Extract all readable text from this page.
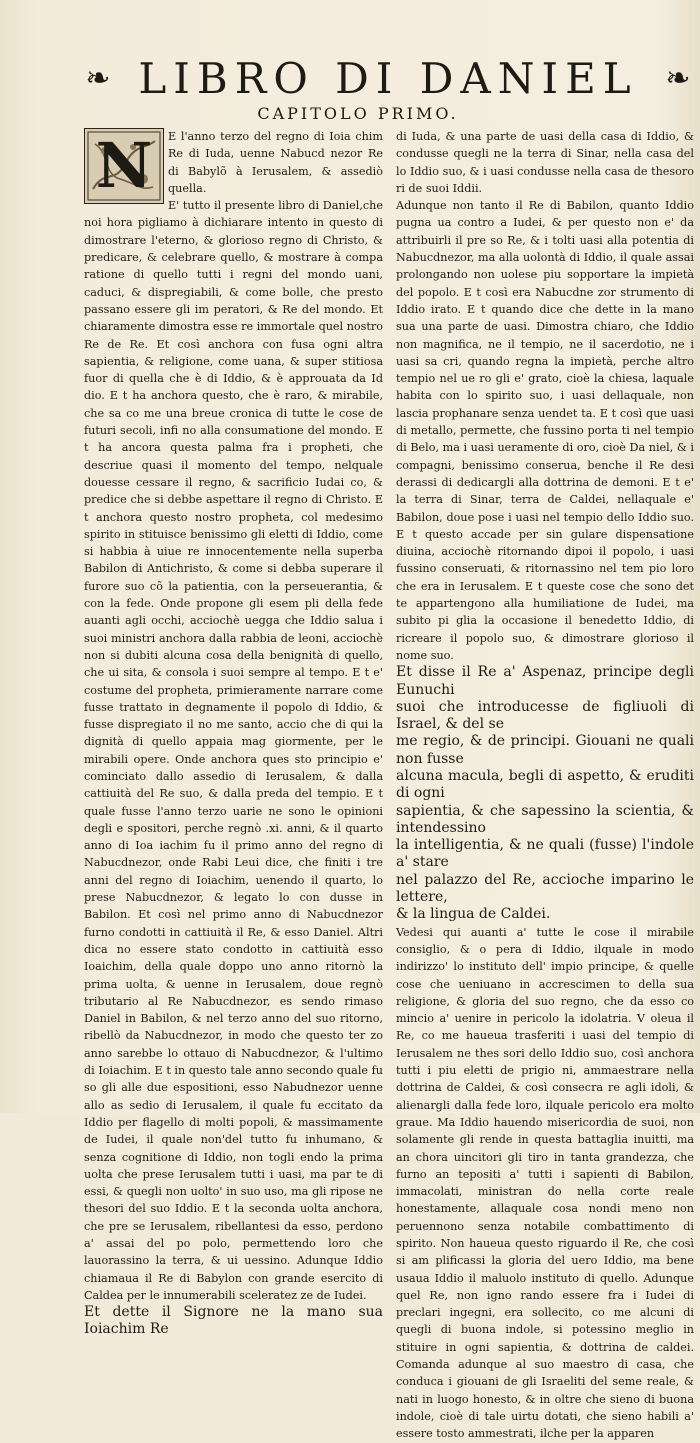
❧ LIBRO DI DANIEL ❧
CAPITOLO PRIMO.
N	E l'anno terzo del regno di Ioia chim Re di Iuda, uenne Nabucd nezor Re di Babylõ à Ierusalem, & assediò quella.

E' tutto il presente libro di Daniel,che noi hora pigliamo à dichiarare intento in questo di dimostrare l'eterno, & glorioso regno di Christo, & predicare, & celebrare quello, & mostrare à compa ratione di quello tutti i regni del mondo uani, caduci, & dispregiabili, & come bolle, che presto passano essere gli im peratori, & Re del mondo. Et chiaramente dimostra esse re immortale quel nostro Re de Re. Et così anchora con fusa ogni altra sapientia, & religione, come uana, & super stitiosa fuor di quella che è di Iddio, & è approuata da Id dio. E t ha anchora questo, che è raro, & mirabile, che sa co me una breue cronica di tutte le cose de futuri secoli, infi no alla consumatione del mondo. E t ha ancora questa palma fra i propheti, che descriue quasi il momento del tempo, nelquale douesse cessare il regno, & sacrificio Iudai co, & predice che si debbe aspettare il regno di Christo. E t anchora questo nostro propheta, col medesimo spirito in stituisce benissimo gli eletti di Iddio, come si habbia à uiue re innocentemente nella superba Babilon di Antichristo, & come si debba superare il furore suo cõ la patientia, con la perseuerantia, & con la fede. Onde propone gli esem pli della fede auanti agli occhi, acciochè uegga che Iddio salua i suoi ministri anchora dalla rabbia de leoni, acciochè non si dubiti alcuna cosa della benignità di quello, che ui sita, & consola i suoi sempre al tempo. E t e' costume del propheta, primieramente narrare come fusse trattato in degnamente il popolo di Iddio, & fusse dispregiato il no me santo, accio che di qui la dignità di quello appaia mag giormente, per le mirabili opere. Onde anchora ques sto principio e' cominciato dallo assedio di Ierusalem, & dalla cattiuità del Re suo, & dalla preda del tempio. E t quale fusse l'anno terzo uarie ne sono le opinioni degli e spositori, perche regnò .xi. anni, & il quarto anno di Ioa iachim fu il primo anno del regno di Nabucdnezor, onde Rabi Leui dice, che finiti i tre anni del regno di Ioiachim, uenendo il quarto, lo prese Nabucdnezor, & legato lo con dusse in Babilon. Et così nel primo anno di Nabucdnezor furno condotti in cattiuità il Re, & esso Daniel. Altri dica no essere stato condotto in cattiuità esso Ioaichim, della quale doppo uno anno ritornò la prima uolta, & uenne in Ierusalem, doue regnò tributario al Re Nabucdnezor, es sendo rimaso Daniel in Babilon, & nel terzo anno del suo ritorno, ribellò da Nabucdnezor, in modo che questo ter zo anno sarebbe lo ottauo di Nabucdnezor, & l'ultimo di Ioiachim. E t in questo tale anno secondo quale fu so gli alle due espositioni, esso Nabudnezor uenne allo as sedio di Ierusalem, il quale fu eccitato da Iddio per flagello di molti popoli, & massimamente de Iudei, il quale non'del tutto fu inhumano, & senza cognitione di Iddio, non togli endo la prima uolta che prese Ierusalem tutti i uasi, ma par te di essi, & quegli non uolto' in suo uso, ma gli ripose ne thesori del suo Iddio. E t la seconda uolta anchora, che pre se Ierusalem, ribellantesi da esso, perdono a' assai del po polo, permettendo loro che lauorassino la terra, & ui uessino. Adunque Iddio chiamaua il Re di Babylon con grande esercito di Caldea per le innumerabili sceleratez ze de Iudei.

Et dette il Signore ne la mano sua Ioiachim Re

di Iuda, & una parte de uasi della casa di Iddio, & condusse quegli ne la terra di Sinar, nella casa del lo Iddio suo, & i uasi condusse nella casa de thesoro ri de suoi Iddii.

Adunque non tanto il Re di Babilon, quanto Iddio pugna ua contro a Iudei, & per questo non e' da attribuirli il pre so Re, & i tolti uasi alla potentia di Nabucdnezor, ma alla uolontà di Iddio, il quale assai prolongando non uolese piu sopportare la impietà del popolo. E t così era Nabucdne zor strumento di Iddio irato. E t quando dice che dette in la mano sua una parte de uasi. Dimostra chiaro, che Iddio non magnifica, ne il tempio, ne il sacerdotio, ne i uasi sa cri, quando regna la impietà, perche altro tempio nel ue ro gli e' grato, cioè la chiesa, laquale habita con lo spirito suo, i uasi dellaquale, non lascia prophanare senza uendet ta. E t così que uasi di metallo, permette, che fussino porta ti nel tempio di Belo, ma i uasi ueramente di oro, cioè Da niel, & i compagni, benissimo conserua, benche il Re desi derassi di dedicargli alla dottrina de demoni. E t e' la terra di Sinar, terra de Caldei, nellaquale e' Babilon, doue pose i uasi nel tempio dello Iddio suo. E t questo accade per sin gulare dispensatione diuina, acciochè ritornando dipoi il popolo, i uasi fussino conseruati, & ritornassino nel tem pio loro che era in Ierusalem. E t queste cose che sono det te appartengono alla humiliatione de Iudei, ma subito pi glia la occasione il benedetto Iddio, di ricreare il popolo suo, & dimostrare glorioso il nome suo.

Et disse il Re a' Aspenaz, principe degli Eunuchi
suoi che introducesse de figliuoli di Israel, & del se
me regio, & de principi. Giouani ne quali non fusse
alcuna macula, begli di aspetto, & eruditi di ogni
sapientia, & che sapessino la scientia, & intendessino
la intelligentia, & ne quali (fusse) l'indole a' stare
nel palazzo del Re, accioche imparino le lettere,
& la lingua de Caldei.

Vedesi qui auanti a' tutte le cose il mirabile consiglio, & o pera di Iddio, ilquale in modo indirizzo' lo instituto dell' impio principe, & quelle cose che ueniuano in accrescimen to della sua religione, & gloria del suo regno, che da esso co mincio a' uenire in pericolo la idolatria. V oleua il Re, co me haueua trasferiti i uasi del tempio di Ierusalem ne thes sori dello Iddio suo, così anchora tutti i piu eletti de prigio ni, ammaestrare nella dottrina de Caldei, & così consecra re agli idoli, & alienargli dalla fede loro, ilquale pericolo era molto graue. Ma Iddio hauendo misericordia de suoi, non solamente gli rende in questa battaglia inuitti, ma an chora uincitori gli tiro in tanta grandezza, che furno an tepositi a' tutti i sapienti di Babilon, immacolati, ministran do nella corte reale honestamente, allaquale cosa nondi meno non peruennono senza notabile combattimento di spirito. Non haueua questo riguardo il Re, che così si am plificassi la gloria del uero Iddio, ma bene usaua Iddio il maluolo instituto di quello. Adunque quel Re, non igno rando essere fra i Iudei di preclari ingegni, era sollecito, co me alcuni di quegli di buona indole, si potessino meglio in stituire in ogni sapientia, & dottrina de caldei. Comanda adunque al suo maestro di casa, che conduca i giouani de gli Israeliti del seme reale, & nati in luogo honesto, & in oltre che sieno di buona indole, cioè di tale uirtu dotati, che sieno habili a' essere tosto ammestrati, ilche per la apparen
